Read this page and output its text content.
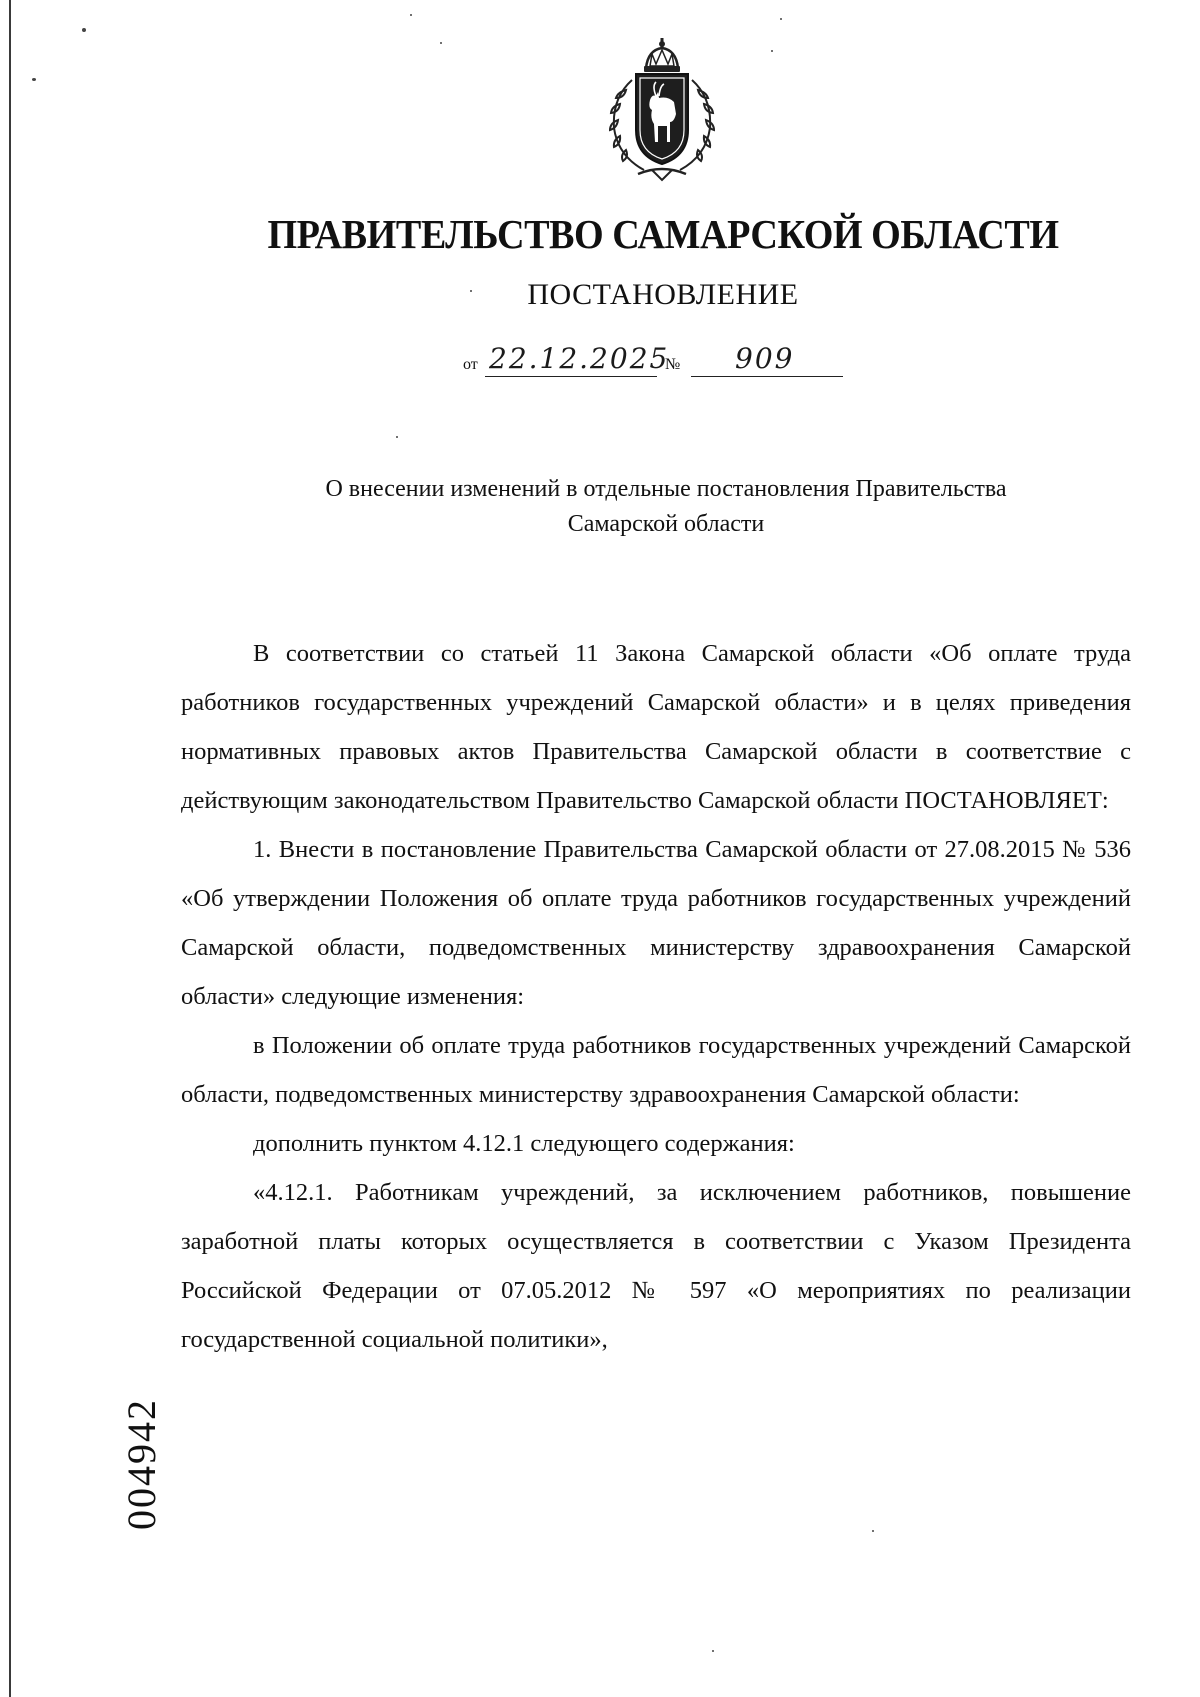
ПРАВИТЕЛЬСТВО САМАРСКОЙ ОБЛАСТИ
ПОСТАНОВЛЕНИЕ
от 22.12.2025
№ 909
О внесении изменений в отдельные постановления Правительства
Самарской области

В соответствии со статьей 11 Закона Самарской области «Об оплате труда работников государственных учреждений Самарской области» и в целях приведения нормативных правовых актов Правительства Самарской области в соответствие с действующим законодательством Правительство Самарской области ПОСТАНОВЛЯЕТ:

1. Внести в постановление Правительства Самарской области от 27.08.2015 № 536 «Об утверждении Положения об оплате труда работников государственных учреждений Самарской области, подведомственных министерству здравоохранения Самарской области» следующие изменения:

в Положении об оплате труда работников государственных учреждений Самарской области, подведомственных министерству здравоохранения Самарской области:

дополнить пунктом 4.12.1 следующего содержания:

«4.12.1. Работникам учреждений, за исключением работников, повышение заработной платы которых осуществляется в соответствии с Указом Президента Российской Федерации от 07.05.2012 № 597 «О мероприятиях по реализации государственной социальной политики»,

004942
